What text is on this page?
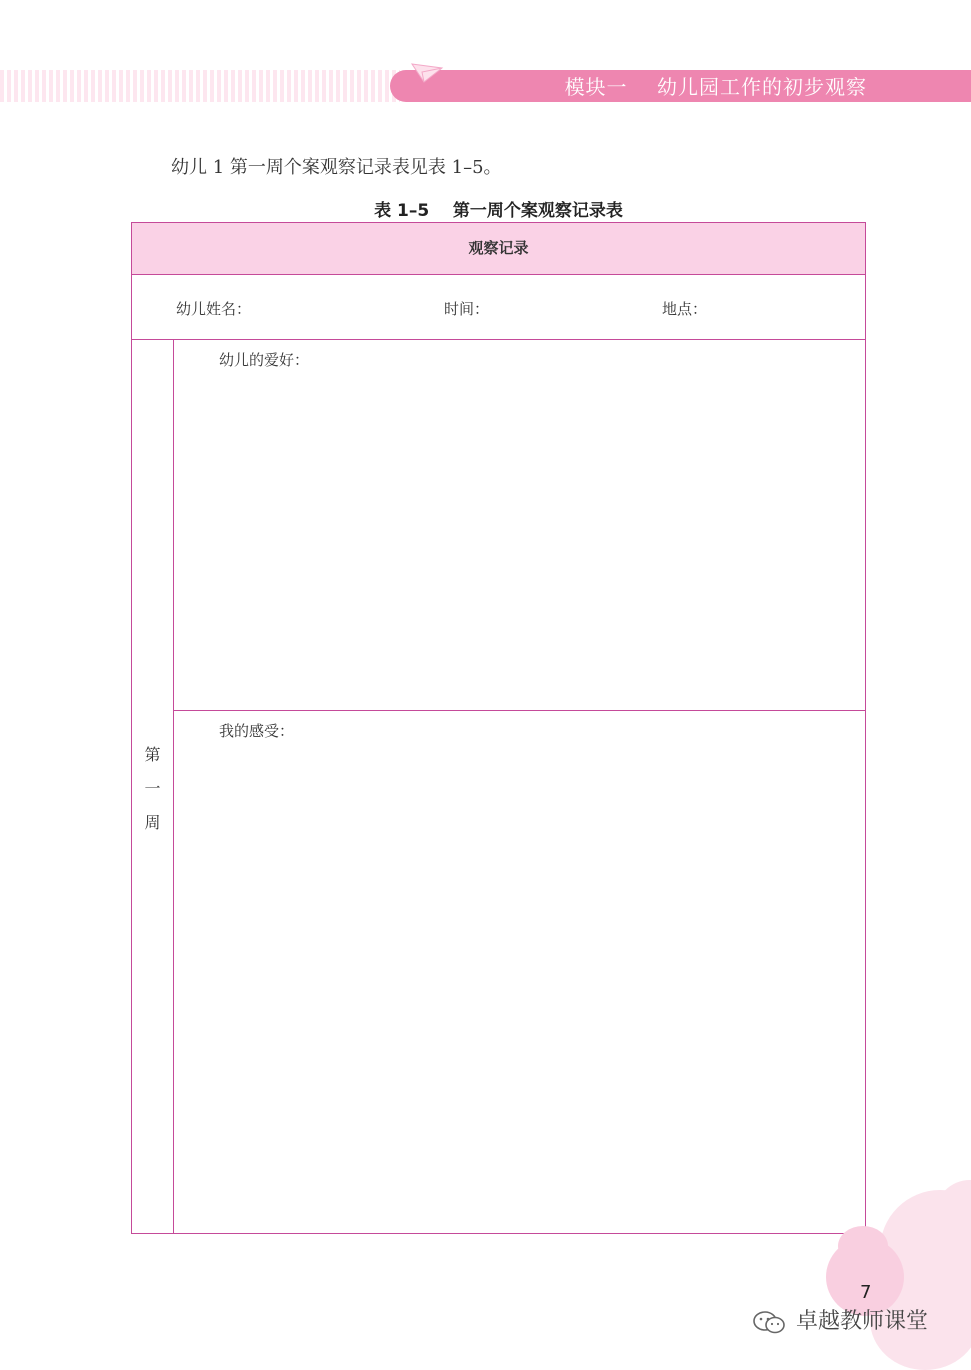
模块一    幼儿园工作的初步观察
幼儿 1 第一周个案观察记录表见表 1–5。
表 1–5    第一周个案观察记录表
观察记录
幼儿姓名：	时间：	地点：
第
一
周
幼儿的爱好：
我的感受：
7
卓越教师课堂
